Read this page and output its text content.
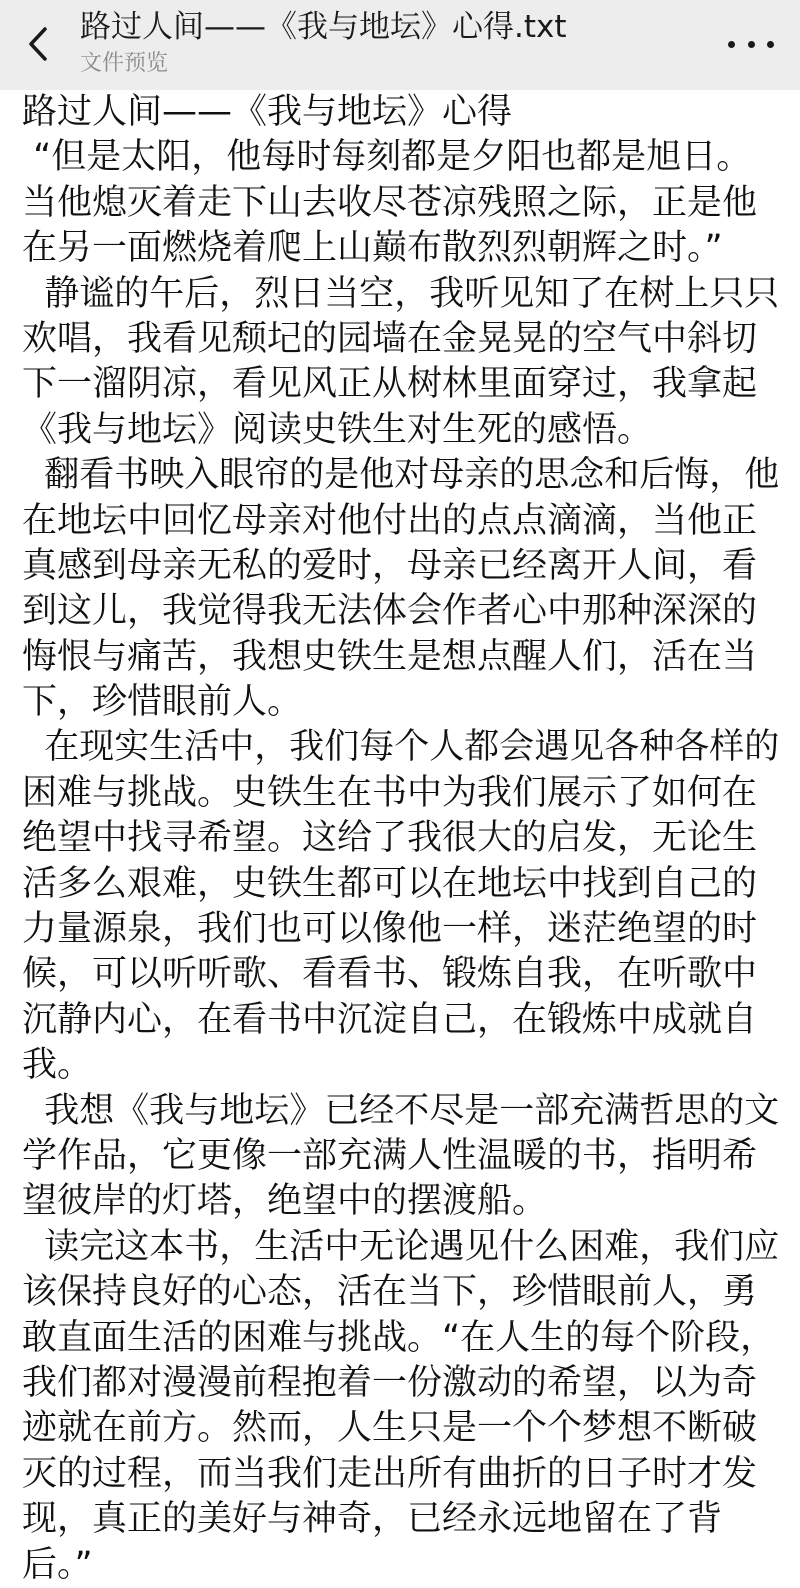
路过人间——《我与地坛》心得.txt
文件预览
路过人间——《我与地坛》心得
“但是太阳，他每时每刻都是夕阳也都是旭日。
当他熄灭着走下山去收尽苍凉残照之际，正是他
在另一面燃烧着爬上山巅布散烈烈朝辉之时。”
静谧的午后，烈日当空，我听见知了在树上只只
欢唱，我看见颓圮的园墙在金晃晃的空气中斜切
下一溜阴凉，看见风正从树林里面穿过，我拿起
《我与地坛》阅读史铁生对生死的感悟。
翻看书映入眼帘的是他对母亲的思念和后悔，他
在地坛中回忆母亲对他付出的点点滴滴，当他正
真感到母亲无私的爱时，母亲已经离开人间，看
到这儿，我觉得我无法体会作者心中那种深深的
悔恨与痛苦，我想史铁生是想点醒人们，活在当
下，珍惜眼前人。
在现实生活中，我们每个人都会遇见各种各样的
困难与挑战。史铁生在书中为我们展示了如何在
绝望中找寻希望。这给了我很大的启发，无论生
活多么艰难，史铁生都可以在地坛中找到自己的
力量源泉，我们也可以像他一样，迷茫绝望的时
候，可以听听歌、看看书、锻炼自我，在听歌中
沉静内心，在看书中沉淀自己，在锻炼中成就自
我。
我想《我与地坛》已经不尽是一部充满哲思的文
学作品，它更像一部充满人性温暖的书，指明希
望彼岸的灯塔，绝望中的摆渡船。
读完这本书，生活中无论遇见什么困难，我们应
该保持良好的心态，活在当下，珍惜眼前人，勇
敢直面生活的困难与挑战。“在人生的每个阶段，
我们都对漫漫前程抱着一份激动的希望，以为奇
迹就在前方。然而，人生只是一个个梦想不断破
灭的过程，而当我们走出所有曲折的日子时才发
现，真正的美好与神奇，已经永远地留在了背
后。”
